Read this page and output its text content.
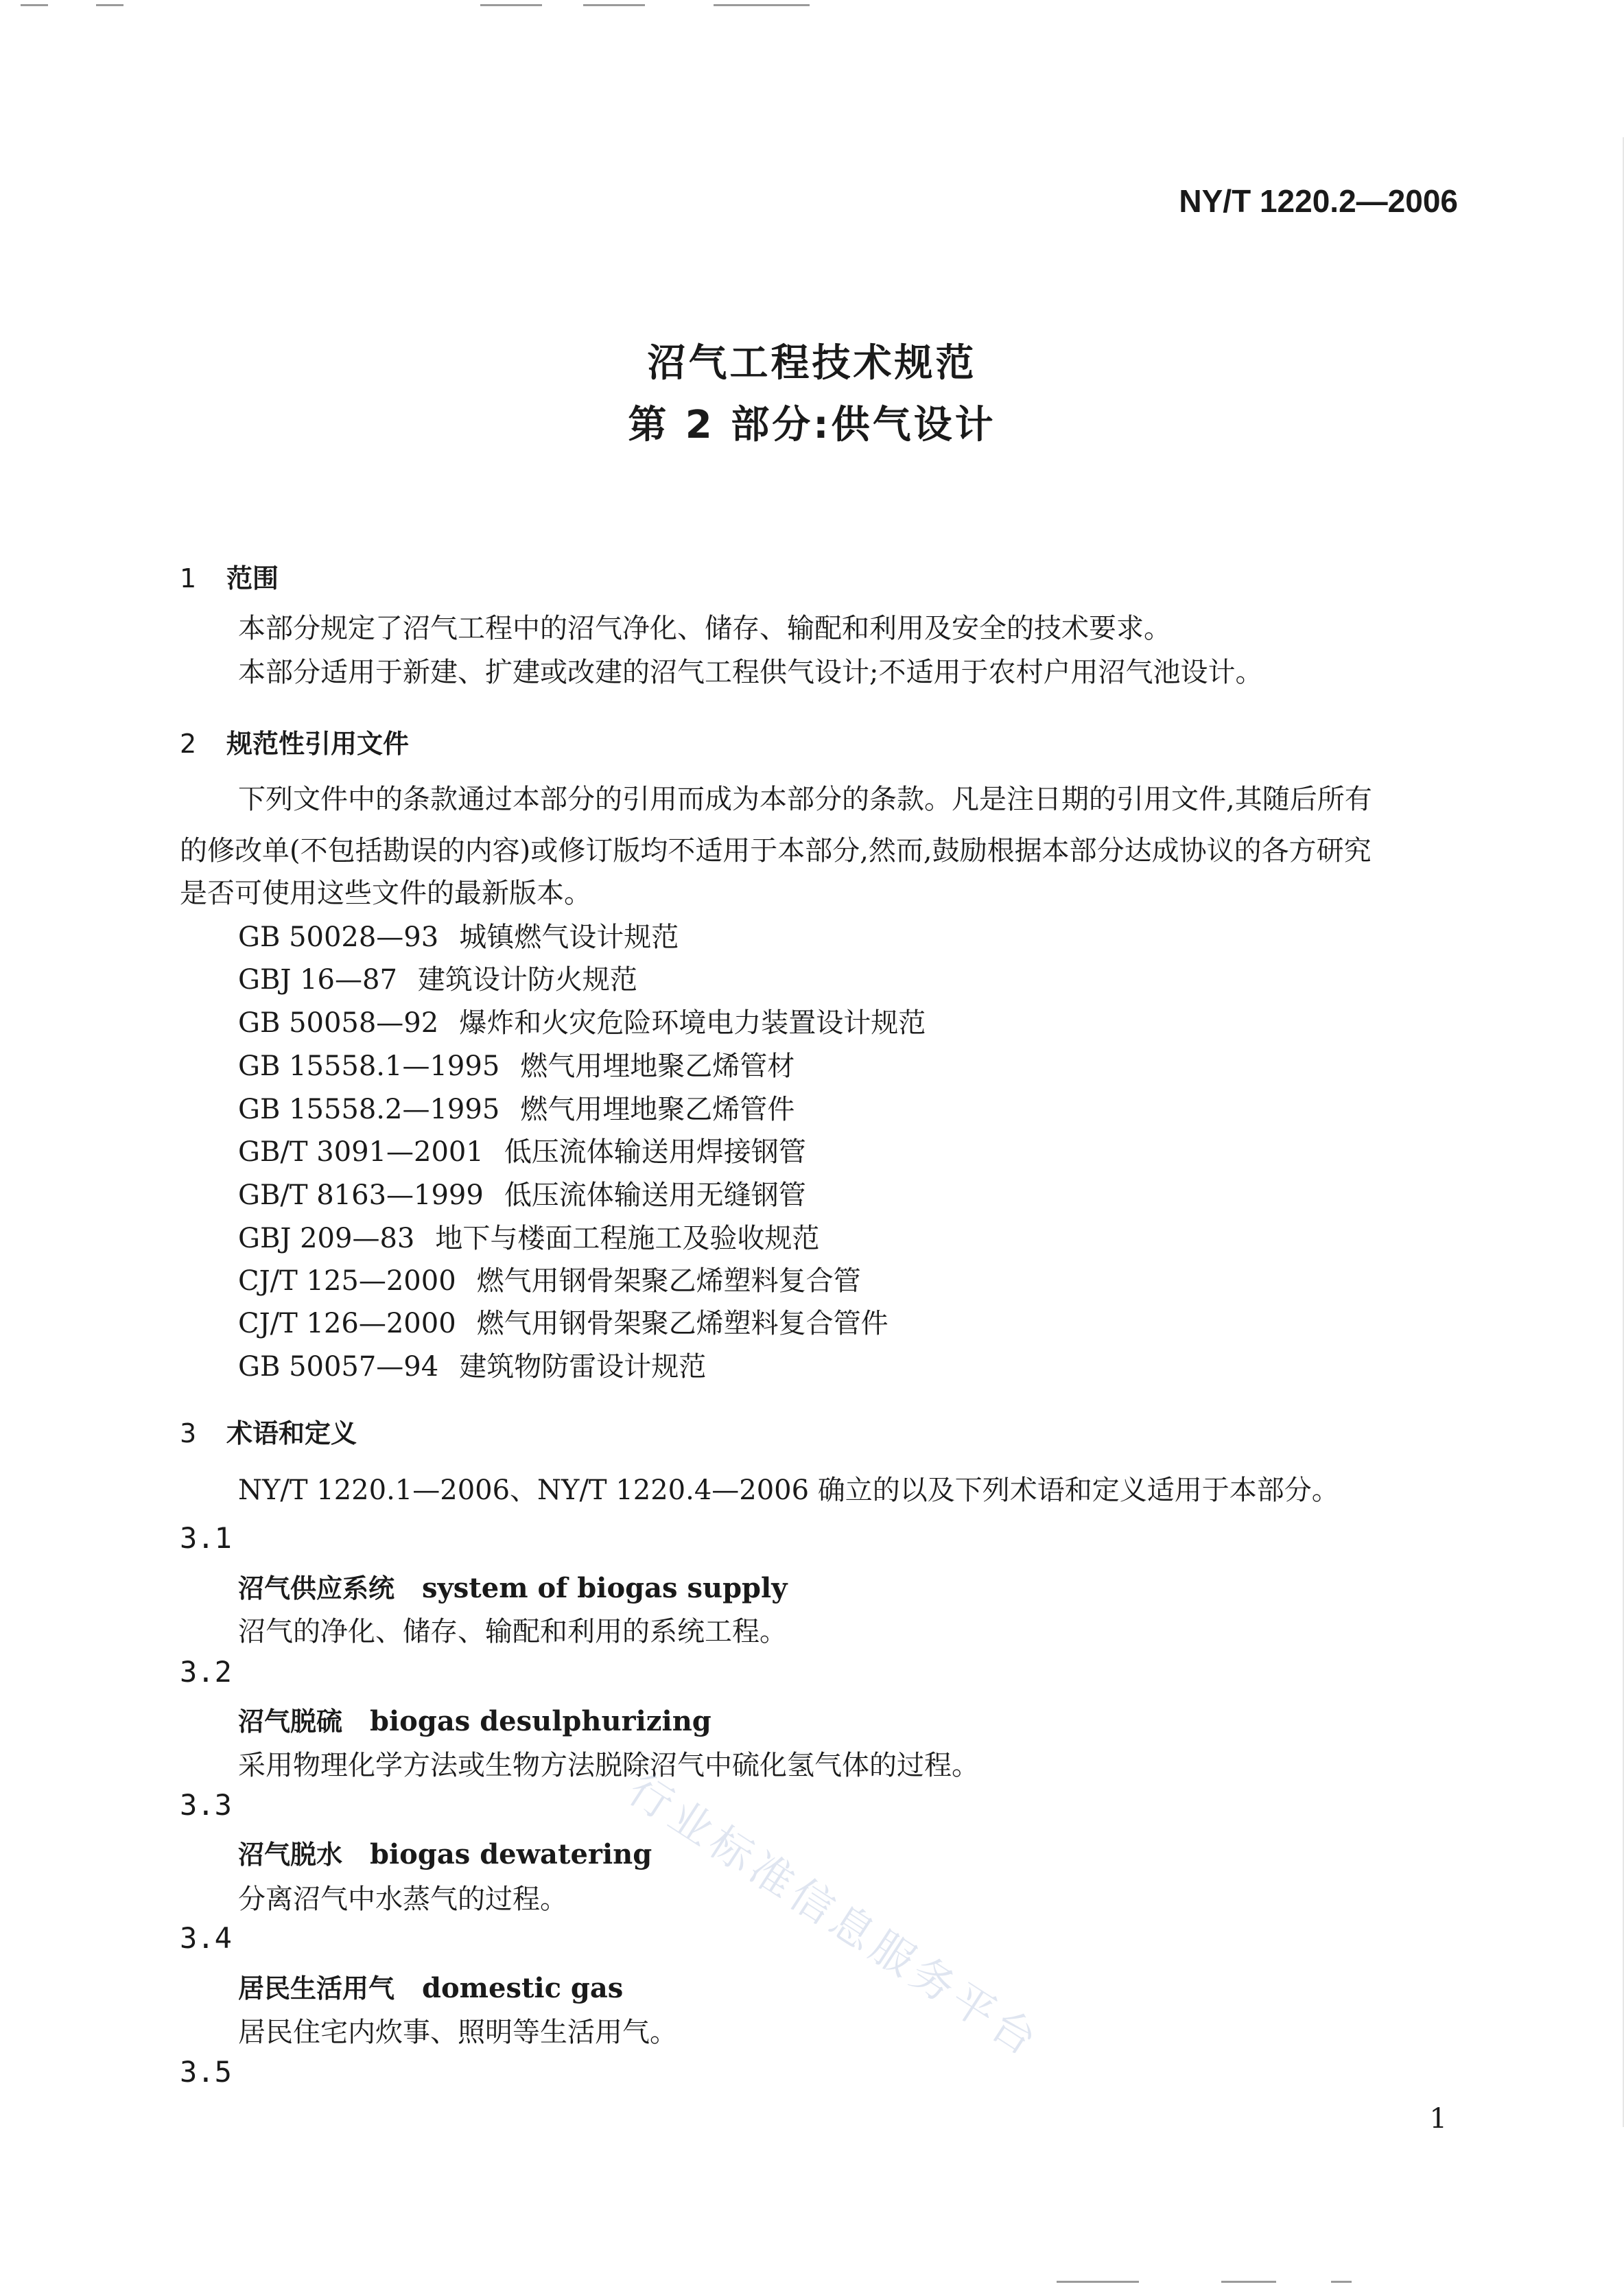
NY/T 1220.2—2006
沼气工程技术规范
第 2 部分:供气设计
1 范围
本部分规定了沼气工程中的沼气净化、储存、输配和利用及安全的技术要求。
本部分适用于新建、扩建或改建的沼气工程供气设计;不适用于农村户用沼气池设计。
2 规范性引用文件
下列文件中的条款通过本部分的引用而成为本部分的条款。凡是注日期的引用文件,其随后所有
的修改单(不包括勘误的内容)或修订版均不适用于本部分,然而,鼓励根据本部分达成协议的各方研究
是否可使用这些文件的最新版本。
GB 50028—93 城镇燃气设计规范
GBJ 16—87 建筑设计防火规范
GB 50058—92 爆炸和火灾危险环境电力装置设计规范
GB 15558.1—1995 燃气用埋地聚乙烯管材
GB 15558.2—1995 燃气用埋地聚乙烯管件
GB/T 3091—2001 低压流体输送用焊接钢管
GB/T 8163—1999 低压流体输送用无缝钢管
GBJ 209—83 地下与楼面工程施工及验收规范
CJ/T 125—2000 燃气用钢骨架聚乙烯塑料复合管
CJ/T 126—2000 燃气用钢骨架聚乙烯塑料复合管件
GB 50057—94 建筑物防雷设计规范
3 术语和定义
NY/T 1220.1—2006、NY/T 1220.4—2006 确立的以及下列术语和定义适用于本部分。
3.1
沼气供应系统 system of biogas supply
沼气的净化、储存、输配和利用的系统工程。
3.2
沼气脱硫 biogas desulphurizing
采用物理化学方法或生物方法脱除沼气中硫化氢气体的过程。
3.3
沼气脱水 biogas dewatering
分离沼气中水蒸气的过程。
3.4
居民生活用气 domestic gas
居民住宅内炊事、照明等生活用气。
3.5
行业标准信息服务平台
1
